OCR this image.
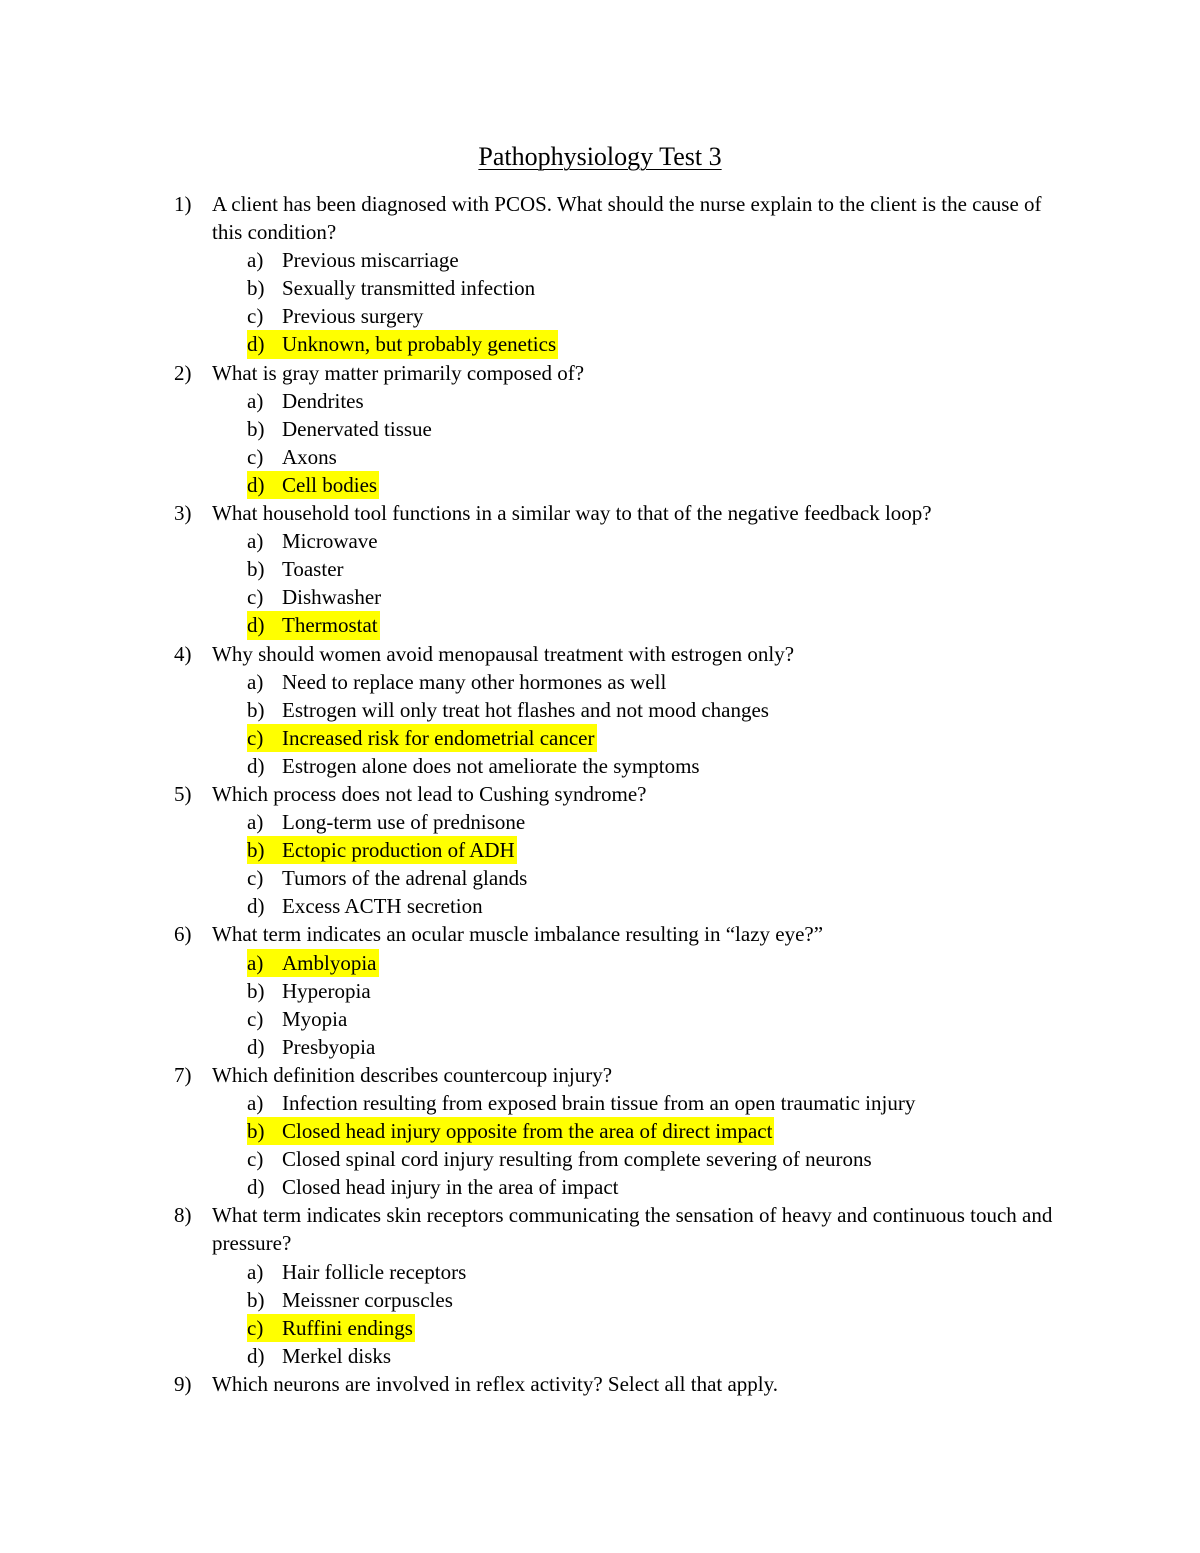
Pathophysiology Test 3
1) A client has been diagnosed with PCOS. What should the nurse explain to the client is the cause of this condition?
a) Previous miscarriage
b) Sexually transmitted infection
c) Previous surgery
d) Unknown, but probably genetics
2) What is gray matter primarily composed of?
a) Dendrites
b) Denervated tissue
c) Axons
d) Cell bodies
3) What household tool functions in a similar way to that of the negative feedback loop?
a) Microwave
b) Toaster
c) Dishwasher
d) Thermostat
4) Why should women avoid menopausal treatment with estrogen only?
a) Need to replace many other hormones as well
b) Estrogen will only treat hot flashes and not mood changes
c) Increased risk for endometrial cancer
d) Estrogen alone does not ameliorate the symptoms
5) Which process does not lead to Cushing syndrome?
a) Long-term use of prednisone
b) Ectopic production of ADH
c) Tumors of the adrenal glands
d) Excess ACTH secretion
6) What term indicates an ocular muscle imbalance resulting in “lazy eye?”
a) Amblyopia
b) Hyperopia
c) Myopia
d) Presbyopia
7) Which definition describes countercoup injury?
a) Infection resulting from exposed brain tissue from an open traumatic injury
b) Closed head injury opposite from the area of direct impact
c) Closed spinal cord injury resulting from complete severing of neurons
d) Closed head injury in the area of impact
8) What term indicates skin receptors communicating the sensation of heavy and continuous touch and pressure?
a) Hair follicle receptors
b) Meissner corpuscles
c) Ruffini endings
d) Merkel disks
9) Which neurons are involved in reflex activity? Select all that apply.
